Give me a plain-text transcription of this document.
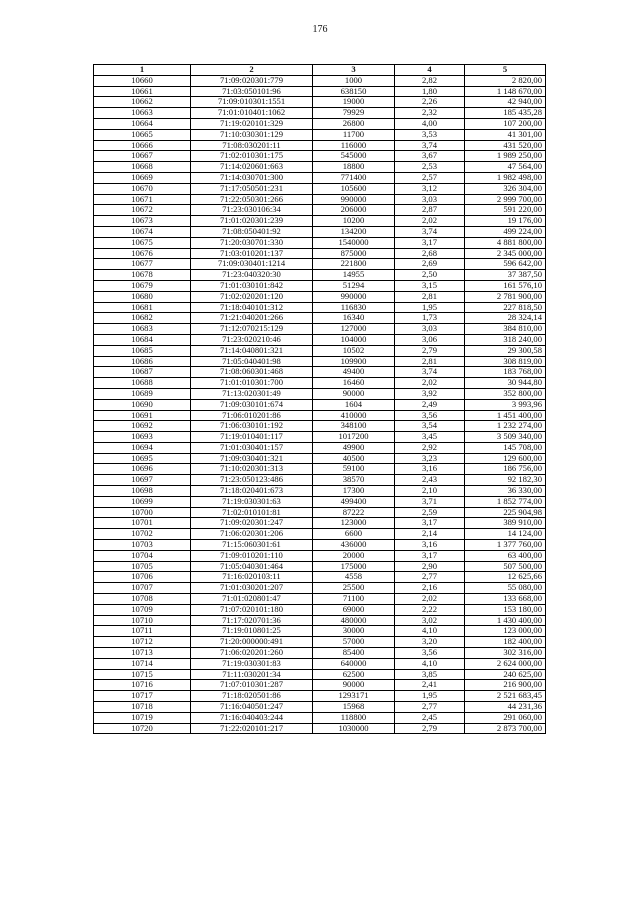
176
1	2	3	4	5
10660	71:09:020301:779	1000	2,82	2 820,00
10661	71:03:050101:96	638150	1,80	1 148 670,00
10662	71:09:010301:1551	19000	2,26	42 940,00
10663	71:01:010401:1062	79929	2,32	185 435,28
10664	71:19:020101:329	26800	4,00	107 200,00
10665	71:10:030301:129	11700	3,53	41 301,00
10666	71:08:030201:11	116000	3,74	431 520,00
10667	71:02:010301:175	545000	3,67	1 989 250,00
10668	71:14:020601:663	18800	2,53	47 564,00
10669	71:14:030701:300	771400	2,57	1 982 498,00
10670	71:17:050501:231	105600	3,12	326 304,00
10671	71:22:050301:266	990000	3,03	2 999 700,00
10672	71:23:030106:34	206000	2,87	591 220,00
10673	71:01:020301:239	10200	2,02	19 176,00
10674	71:08:050401:92	134200	3,74	499 224,00
10675	71:20:030701:330	1540000	3,17	4 881 800,00
10676	71:03:010201:137	875000	2,68	2 345 000,00
10677	71:09:030401:1214	221800	2,69	596 642,00
10678	71:23:040320:30	14955	2,50	37 387,50
10679	71:01:030101:842	51294	3,15	161 576,10
10680	71:02:020201:120	990000	2,81	2 781 900,00
10681	71:18:040101:312	116830	1,95	227 818,50
10682	71:21:040201:266	16340	1,73	28 324,14
10683	71:12:070215:129	127000	3,03	384 810,00
10684	71:23:020210:46	104000	3,06	318 240,00
10685	71:14:040801:321	10502	2,79	29 300,58
10686	71:05:040401:98	109900	2,81	308 819,00
10687	71:08:060301:468	49400	3,74	183 768,00
10688	71:01:010301:700	16460	2,02	30 944,80
10689	71:13:020301:49	90000	3,92	352 800,00
10690	71:09:030101:674	1604	2,49	3 993,96
10691	71:06:010201:86	410000	3,56	1 451 400,00
10692	71:06:030101:192	348100	3,54	1 232 274,00
10693	71:19:010401:117	1017200	3,45	3 509 340,00
10694	71:01:030401:157	49900	2,92	145 708,00
10695	71:09:030401:321	40500	3,23	129 600,00
10696	71:10:020301:313	59100	3,16	186 756,00
10697	71:23:050123:486	38570	2,43	92 182,30
10698	71:18:020401:673	17300	2,10	36 330,00
10699	71:19:030301:63	499400	3,71	1 852 774,00
10700	71:02:010101:81	87222	2,59	225 904,98
10701	71:09:020301:247	123000	3,17	389 910,00
10702	71:06:020301:206	6600	2,14	14 124,00
10703	71:15:060301:61	436000	3,16	1 377 760,00
10704	71:09:010201:110	20000	3,17	63 400,00
10705	71:05:040301:464	175000	2,90	507 500,00
10706	71:16:020103:11	4558	2,77	12 625,66
10707	71:01:030201:207	25500	2,16	55 080,00
10708	71:01:020801:47	71100	2,02	133 668,00
10709	71:07:020101:180	69000	2,22	153 180,00
10710	71:17:020701:36	480000	3,02	1 430 400,00
10711	71:19:010801:25	30000	4,10	123 000,00
10712	71:20:000000:491	57000	3,20	182 400,00
10713	71:06:020201:260	85400	3,56	302 316,00
10714	71:19:030301:83	640000	4,10	2 624 000,00
10715	71:11:030201:34	62500	3,85	240 625,00
10716	71:07:010301:287	90000	2,41	216 900,00
10717	71:18:020501:86	1293171	1,95	2 521 683,45
10718	71:16:040501:247	15968	2,77	44 231,36
10719	71:16:040403:244	118800	2,45	291 060,00
10720	71:22:020101:217	1030000	2,79	2 873 700,00
